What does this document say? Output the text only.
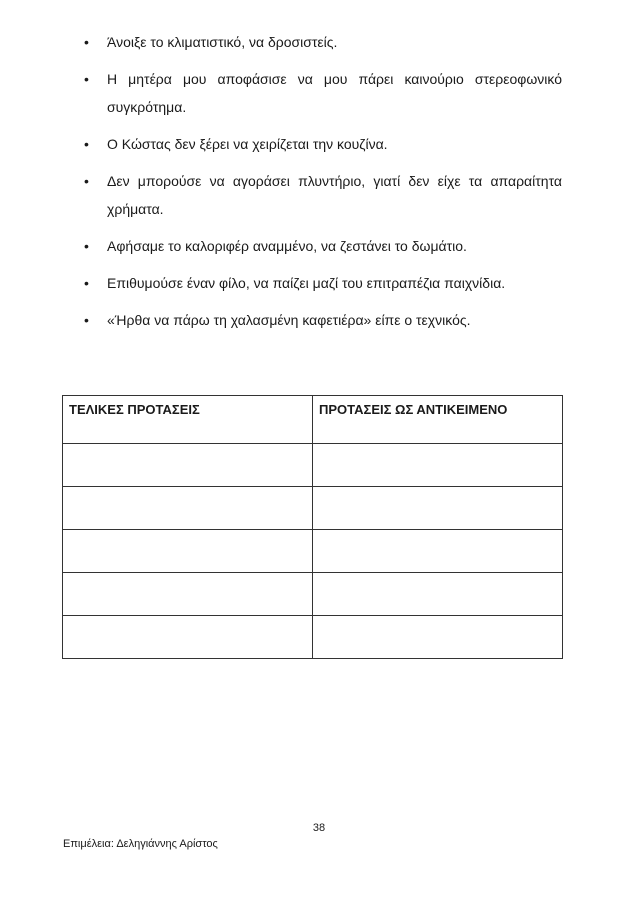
• Άνοιξε το κλιματιστικό, να δροσιστείς.
• Η μητέρα μου αποφάσισε να μου πάρει καινούριο στερεοφωνικό συγκρότημα.
• Ο Κώστας δεν ξέρει να χειρίζεται την κουζίνα.
• Δεν μπορούσε να αγοράσει πλυντήριο, γιατί δεν είχε τα απαραίτητα χρήματα.
• Αφήσαμε το καλοριφέρ αναμμένο, να ζεστάνει το δωμάτιο.
• Επιθυμούσε έναν φίλο, να παίζει μαζί του επιτραπέζια παιχνίδια.
• «Ήρθα να πάρω τη χαλασμένη καφετιέρα» είπε ο τεχνικός.
ΤΕΛΙΚΕΣ ΠΡΟΤΑΣΕΙΣ	ΠΡΟΤΑΣΕΙΣ ΩΣ ΑΝΤΙΚΕΙΜΕΝΟ

38
Επιμέλεια: Δεληγιάννης Αρίστος
